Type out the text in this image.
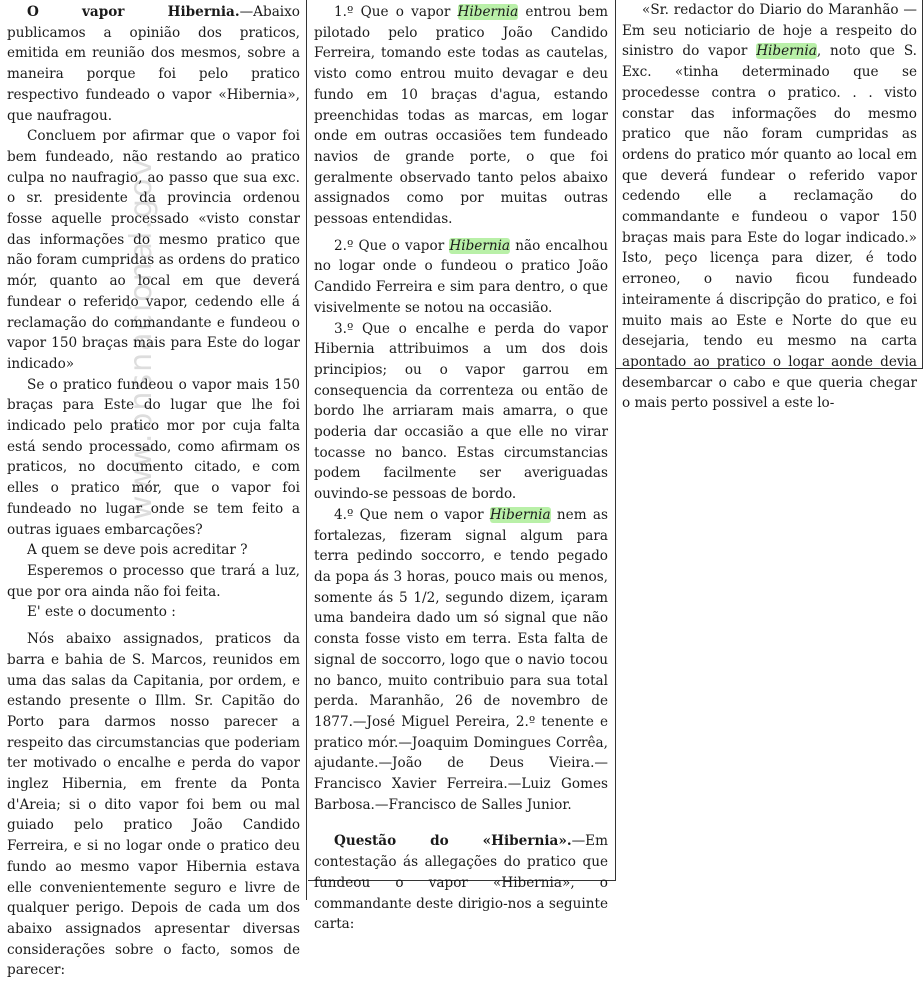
www.bnsnacional.gov

O vapor Hibernia.—Abaixo publicamos a opinião dos praticos, emitida em reunião dos mesmos, sobre a maneira porque foi pelo pratico respectivo fundeado o vapor «Hibernia», que naufragou.

Concluem por afirmar que o vapor foi bem fundeado, não restando ao pratico culpa no naufragio, ao passo que sua exc. o sr. presidente da provincia ordenou fosse aquelle processado «visto constar das informações do mesmo pratico que não foram cumpridas as ordens do pratico mór, quanto ao local em que deverá fundear o referido vapor, cedendo elle á reclamação do commandante e fundeou o vapor 150 braças mais para Este do logar indicado»

Se o pratico fundeou o vapor mais 150 braças para Este do lugar que lhe foi indicado pelo pratico mor por cuja falta está sendo processado, como afirmam os praticos, no documento citado, e com elles o pratico mór, que o vapor foi fundeado no lugar onde se tem feito a outras iguaes embarcações?

A quem se deve pois acreditar ?

Esperemos o processo que trará a luz, que por ora ainda não foi feita.

E' este o documento :

Nós abaixo assignados, praticos da barra e bahia de S. Marcos, reunidos em uma das salas da Capitania, por ordem, e estando presente o Illm. Sr. Capitão do Porto para darmos nosso parecer a respeito das circumstancias que poderiam ter motivado o encalhe e perda do vapor inglez Hibernia, em frente da Ponta d'Areia; si o dito vapor foi bem ou mal guiado pelo pratico João Candido Ferreira, e si no logar onde o pratico deu fundo ao mesmo vapor Hibernia estava elle convenientemente seguro e livre de qualquer perigo. Depois de cada um dos abaixo assignados apresentar diversas considerações sobre o facto, somos de parecer:

1.º Que o vapor Hibernia entrou bem pilotado pelo pratico João Candido Ferreira, tomando este todas as cautelas, visto como entrou muito devagar e deu fundo em 10 braças d'agua, estando preenchidas todas as marcas, em logar onde em outras occasiões tem fundeado navios de grande porte, o que foi geralmente observado tanto pelos abaixo assignados como por muitas outras pessoas entendidas.

2.º Que o vapor Hibernia não encalhou no logar onde o fundeou o pratico João Candido Ferreira e sim para dentro, o que visivelmente se notou na occasião.

3.º Que o encalhe e perda do vapor Hibernia attribuimos a um dos dois principios; ou o vapor garrou em consequencia da correnteza ou então de bordo lhe arriaram mais amarra, o que poderia dar occasião a que elle no virar tocasse no banco. Estas circumstancias podem facilmente ser averiguadas ouvindo-se pessoas de bordo.

4.º Que nem o vapor Hibernia nem as fortalezas, fizeram signal algum para terra pedindo soccorro, e tendo pegado da popa ás 3 horas, pouco mais ou menos, somente ás 5 1/2, segundo dizem, içaram uma bandeira dado um só signal que não consta fosse visto em terra. Esta falta de signal de soccorro, logo que o navio tocou no banco, muito contribuio para sua total perda. Maranhão, 26 de novembro de 1877.—José Miguel Pereira, 2.º tenente e pratico mór.—Joaquim Domingues Corrêa, ajudante.—João de Deus Vieira.—Francisco Xavier Ferreira.—Luiz Gomes Barbosa.—Francisco de Salles Junior.

Questão do «Hibernia».—Em contestação ás allegações do pratico que fundeou o vapor «Hibernia», o commandante deste dirigio-nos a seguinte carta:

«Sr. redactor do Diario do Maranhão —Em seu noticiario de hoje a respeito do sinistro do vapor Hibernia, noto que S. Exc. «tinha determinado que se procedesse contra o pratico. . . visto constar das informações do mesmo pratico que não foram cumpridas as ordens do pratico mór quanto ao local em que deverá fundear o referido vapor cedendo elle a reclamação do commandante e fundeou o vapor 150 braças mais para Este do logar indicado.» Isto, peço licença para dizer, é todo erroneo, o navio ficou fundeado inteiramente á discripção do pratico, e foi muito mais ao Este e Norte do que eu desejaria, tendo eu mesmo na carta apontado ao pratico o logar aonde devia desembarcar o cabo e que queria chegar o mais perto possivel a este lo-
